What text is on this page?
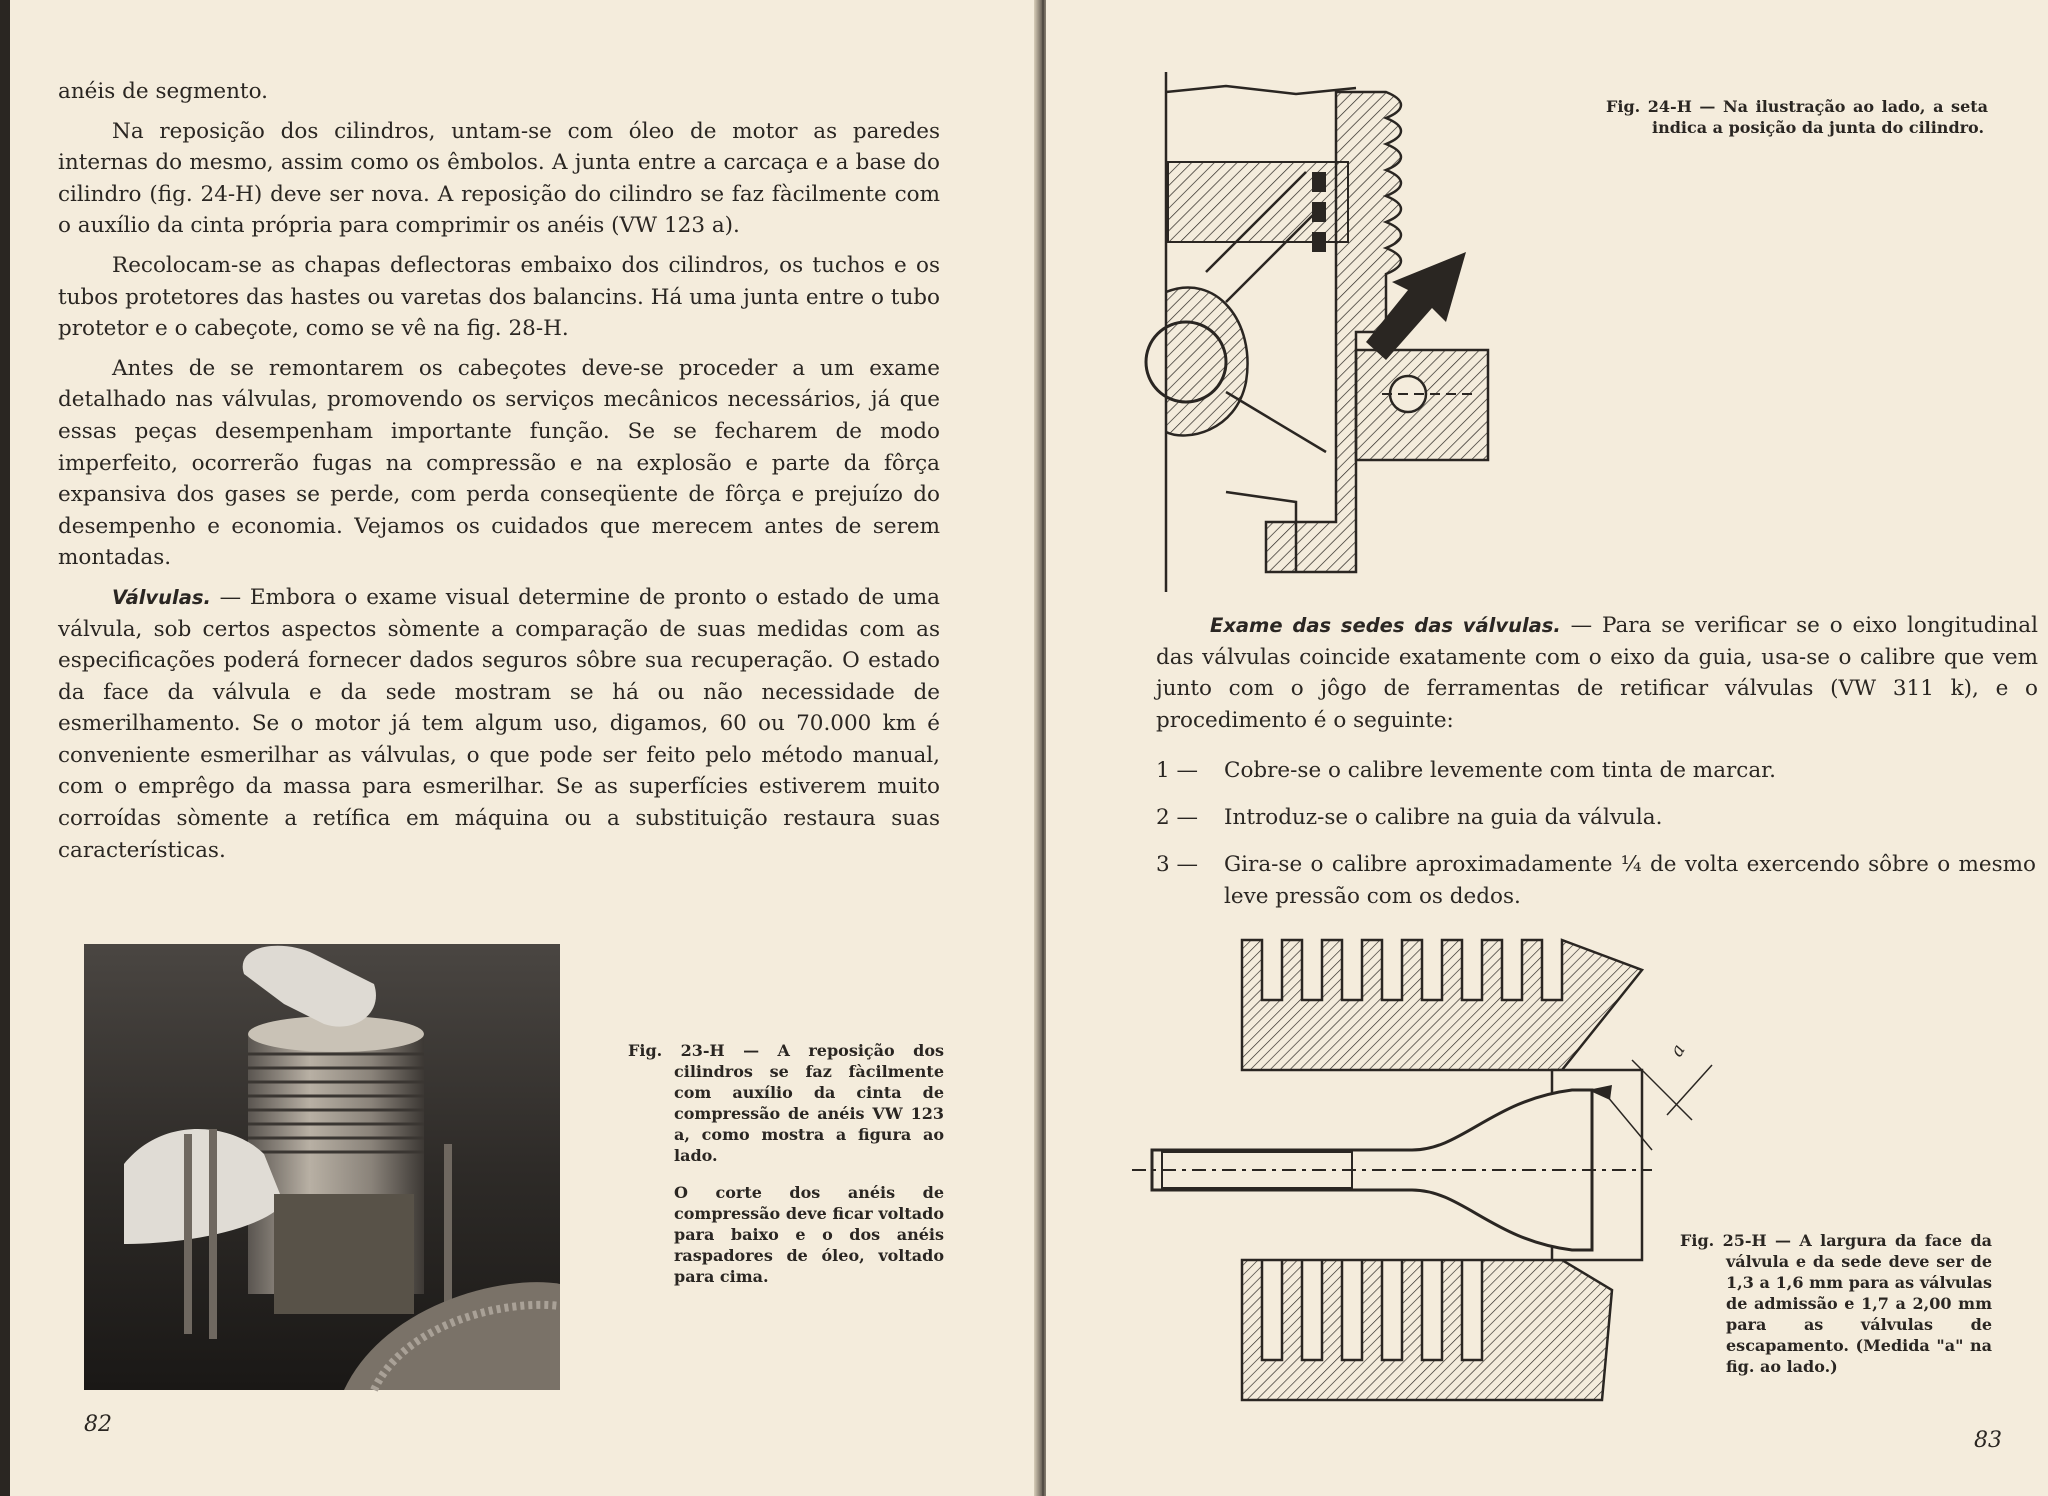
anéis de segmento.

Na reposição dos cilindros, untam-se com óleo de motor as paredes internas do mesmo, assim como os êmbolos. A junta entre a carcaça e a base do cilindro (fig. 24-H) deve ser nova. A reposição do cilindro se faz fàcilmente com o auxílio da cinta própria para comprimir os anéis (VW 123 a).

Recolocam-se as chapas deflectoras embaixo dos cilindros, os tuchos e os tubos protetores das hastes ou varetas dos balancins. Há uma junta entre o tubo protetor e o cabeçote, como se vê na fig. 28-H.

Antes de se remontarem os cabeçotes deve-se proceder a um exame detalhado nas válvulas, promovendo os serviços mecânicos necessários, já que essas peças desempenham importante função. Se se fecharem de modo imperfeito, ocorrerão fugas na compressão e na explosão e parte da fôrça expansiva dos gases se perde, com perda conseqüente de fôrça e prejuízo do desempenho e economia. Vejamos os cuidados que merecem antes de serem montadas.

Válvulas. — Embora o exame visual determine de pronto o estado de uma válvula, sob certos aspectos sòmente a comparação de suas medidas com as especificações poderá fornecer dados seguros sôbre sua recuperação. O estado da face da válvula e da sede mostram se há ou não necessidade de esmerilhamento. Se o motor já tem algum uso, digamos, 60 ou 70.000 km é conveniente esmerilhar as válvulas, o que pode ser feito pelo método manual, com o emprêgo da massa para esmerilhar. Se as superfícies estiverem muito corroídas sòmente a retífica em máquina ou a substituição restaura suas características.

Fig. 23-H — A reposição dos cilindros se faz fàcilmente com auxílio da cinta de compressão de anéis VW 123 a, como mostra a figura ao lado.

O corte dos anéis de compressão deve ficar voltado para baixo e o dos anéis raspadores de óleo, voltado para cima.

82

Fig. 24-H — Na ilustração ao lado, a seta indica a posição da junta do cilindro.

Exame das sedes das válvulas. — Para se verificar se o eixo longitudinal das válvulas coincide exatamente com o eixo da guia, usa-se o calibre que vem junto com o jôgo de ferramentas de retificar válvulas (VW 311 k), e o procedimento é o seguinte:

1 — Cobre-se o calibre levemente com tinta de marcar.
2 — Introduz-se o calibre na guia da válvula.
3 — Gira-se o calibre aproximadamente ¼ de volta exercendo sôbre o mesmo leve pressão com os dedos.
a

Fig. 25-H — A largura da face da válvula e da sede deve ser de 1,3 a 1,6 mm para as válvulas de admissão e 1,7 a 2,00 mm para as válvulas de escapamento. (Medida "a" na fig. ao lado.)

83
